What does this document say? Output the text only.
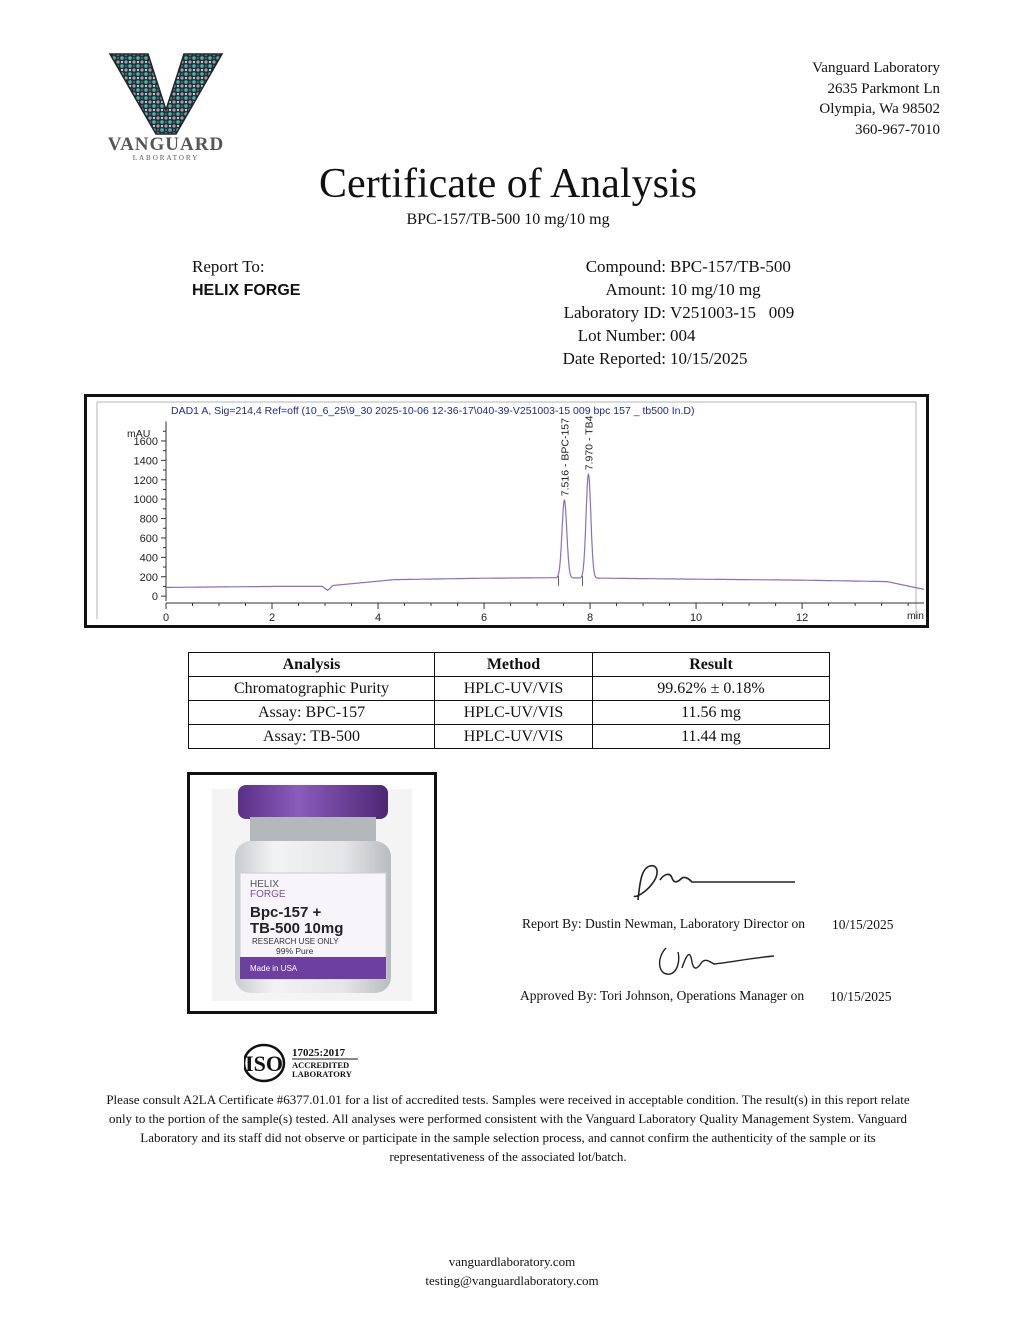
VANGUARD
LABORATORY
Vanguard Laboratory
2635 Parkmont Ln
Olympia, Wa 98502
360-967-7010
Certificate of Analysis
BPC-157/TB-500 10 mg/10 mg
Report To:
HELIX FORGE
Compound: BPC-157/TB-500
Amount: 10 mg/10 mg
Laboratory ID: V251003-15   009
Lot Number: 004
Date Reported: 10/15/2025
DAD1 A, Sig=214,4 Ref=off (10_6_25\9_30 2025-10-06 12-36-17\040-39-V251003-15 009 bpc 157 _ tb500 In.D)
mAU
min
0
200
400
600
800
1000
1200
1400
1600
0	2	4	6	8	10	12
7.516 - BPC-157 7.970 - TB4
Analysis	Method	Result
Chromatographic Purity	HPLC-UV/VIS	99.62% ± 0.18%
Assay: BPC-157	HPLC-UV/VIS	11.56 mg
Assay: TB-500	HPLC-UV/VIS	11.44 mg
HELIX
FORGE
Bpc-157 +
TB-500 10mg
RESEARCH USE ONLY
99% Pure
Made in USA
Report By: Dustin Newman, Laboratory Director on 10/15/2025
Approved By: Tori Johnson, Operations Manager on 10/15/2025
ISO 17025:2017
ACCREDITED
LABORATORY
Please consult A2LA Certificate #6377.01.01 for a list of accredited tests. Samples were received in acceptable condition. The result(s) in this report relate only to the portion of the sample(s) tested. All analyses were performed consistent with the Vanguard Laboratory Quality Management System. Vanguard Laboratory and its staff did not observe or participate in the sample selection process, and cannot confirm the authenticity of the sample or its representativeness of the associated lot/batch.
vanguardlaboratory.com
testing@vanguardlaboratory.com
